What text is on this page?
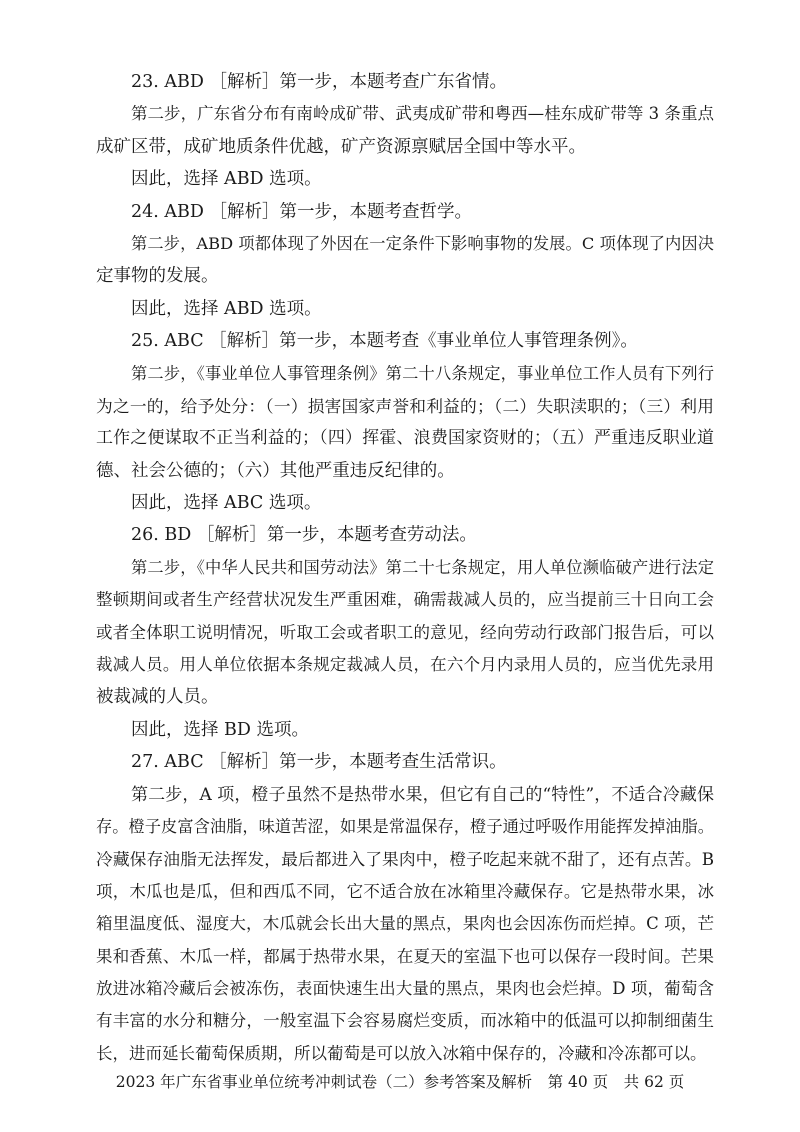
23. ABD ［解析］第一步，本题考查广东省情。
第二步，广东省分布有南岭成矿带、武夷成矿带和粤西—桂东成矿带等 3 条重点
成矿区带，成矿地质条件优越，矿产资源禀赋居全国中等水平。
因此，选择 ABD 选项。
24. ABD ［解析］第一步，本题考查哲学。
第二步，ABD 项都体现了外因在一定条件下影响事物的发展。C 项体现了内因决
定事物的发展。
因此，选择 ABD 选项。
25. ABC ［解析］第一步，本题考查《事业单位人事管理条例》。
第二步，《事业单位人事管理条例》第二十八条规定，事业单位工作人员有下列行
为之一的，给予处分：（一）损害国家声誉和利益的；（二）失职渎职的；（三）利用
工作之便谋取不正当利益的；（四）挥霍、浪费国家资财的；（五）严重违反职业道
德、社会公德的；（六）其他严重违反纪律的。
因此，选择 ABC 选项。
26. BD ［解析］第一步，本题考查劳动法。
第二步，《中华人民共和国劳动法》第二十七条规定，用人单位濒临破产进行法定
整顿期间或者生产经营状况发生严重困难，确需裁减人员的，应当提前三十日向工会
或者全体职工说明情况，听取工会或者职工的意见，经向劳动行政部门报告后，可以
裁减人员。用人单位依据本条规定裁减人员，在六个月内录用人员的，应当优先录用
被裁减的人员。
因此，选择 BD 选项。
27. ABC ［解析］第一步，本题考查生活常识。
第二步，A 项，橙子虽然不是热带水果，但它有自己的“特性”，不适合冷藏保
存。橙子皮富含油脂，味道苦涩，如果是常温保存，橙子通过呼吸作用能挥发掉油脂。
冷藏保存油脂无法挥发，最后都进入了果肉中，橙子吃起来就不甜了，还有点苦。B
项，木瓜也是瓜，但和西瓜不同，它不适合放在冰箱里冷藏保存。它是热带水果，冰
箱里温度低、湿度大，木瓜就会长出大量的黑点，果肉也会因冻伤而烂掉。C 项，芒
果和香蕉、木瓜一样，都属于热带水果，在夏天的室温下也可以保存一段时间。芒果
放进冰箱冷藏后会被冻伤，表面快速生出大量的黑点，果肉也会烂掉。D 项，葡萄含
有丰富的水分和糖分，一般室温下会容易腐烂变质，而冰箱中的低温可以抑制细菌生
长，进而延长葡萄保质期，所以葡萄是可以放入冰箱中保存的，冷藏和冷冻都可以。
2023 年广东省事业单位统考冲刺试卷（二）参考答案及解析　第 40 页　共 62 页
